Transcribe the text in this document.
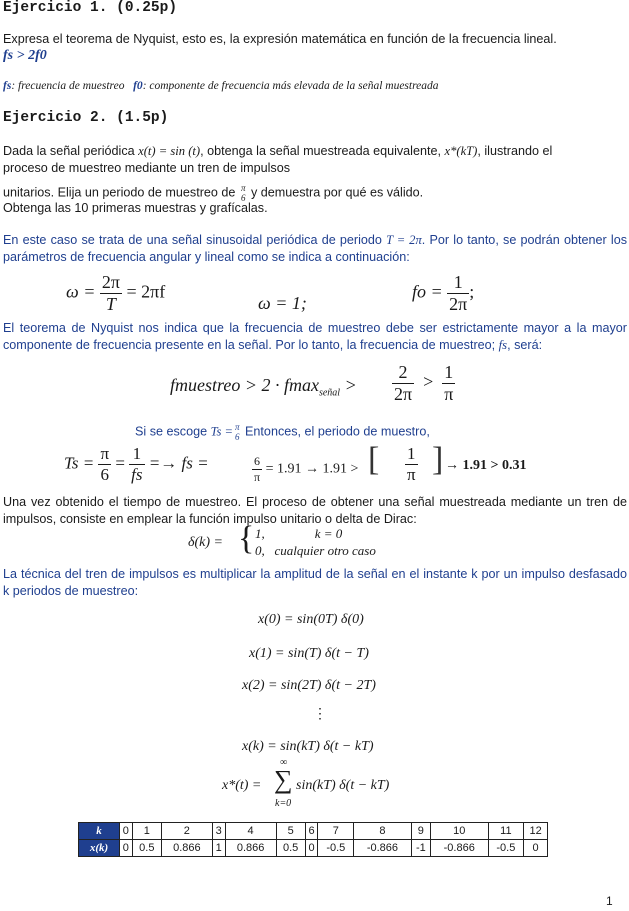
Ejercicio 1. (0.25p)
Expresa el teorema de Nyquist, esto es, la expresión matemática en función de la frecuencia lineal.
fs > 2f0
fs: frecuencia de muestreo f0: componente de frecuencia más elevada de la señal muestreada
Ejercicio 2. (1.5p)
Dada la señal periódica x(t) = sin (t), obtenga la señal muestreada equivalente, x*(kT), ilustrando el
proceso de muestreo mediante un tren de impulsos
unitarios. Elija un periodo de muestreo de π
6 y demuestra por qué es válido.
Obtenga las 10 primeras muestras y grafícalas.
En este caso se trata de una señal sinusoidal periódica de periodo T = 2π. Por lo tanto, se podrán obtener los parámetros de frecuencia angular y lineal como se indica a continuación:
$\omega = \frac{2\pi}{T} = 2\pi f$
ω = 1;
fo = $\frac{1}{2\pi}$ ;
El teorema de Nyquist nos indica que la frecuencia de muestreo debe ser estrictamente mayor a la mayor componente de frecuencia presente en la señal. Por lo tanto, la frecuencia de muestreo; fs, será:
fmuestreo > $2 \cdot fmax_{señal} > \frac{2}{2\pi} > \frac{1}{\pi}$
Si se escoge Ts = π
6 Entonces, el periodo de muestro,
$Ts = \frac{\pi}{6} = \frac{1}{fs}$ =→ fs =	$\frac{6}{\pi} = 1.91 \to 1.91$ > [ $\frac{1}{\pi}$ ] → 1.91 > 0.31
Una vez obtenido el tiempo de muestreo. El proceso de obtener una señal muestreada mediante un tren de impulsos, consiste en emplear la función impulso unitario o delta de Dirac:
δ(k) = { 1,	k = 0
0, cualquier otro caso
La técnica del tren de impulsos es multiplicar la amplitud de la señal en el instante k por un impulso desfasado k periodos de muestreo:
x(0) = sin(0T) δ(0)
x(1) = sin(T) δ(t − T)
x(2) = sin(2T) δ(t − 2T)
⋮
x(k) = sin(kT) δ(t − kT)
x*(t) =
∞
∑
k=0
sin(kT) δ(t − kT)
k	0	1	2	3	4	5	6	7	8	9	10	11	12
x(k)	0	0.5	0.866	1	0.866	0.5	0	-0.5	-0.866	-1	-0.866	-0.5	0
1
